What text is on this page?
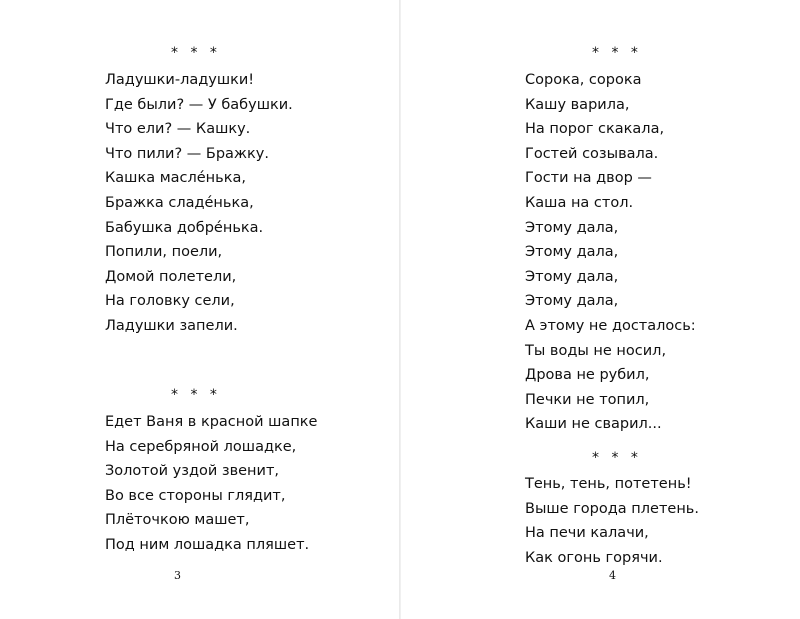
* * *
Ладушки-ладушки!
Где были? — У бабушки.
Что ели? — Кашку.
Что пили? — Бражку.
Кашка маслéнька,
Бражка сладéнька,
Бабушка добрéнька.
Попили, поели,
Домой полетели,
На головку сели,
Ладушки запели.
* * *
Едет Ваня в красной шапке
На серебряной лошадке,
Золотой уздой звенит,
Во все стороны глядит,
Плёточкою машет,
Под ним лошадка пляшет.
3
* * *
Сорока, сорока
Кашу варила,
На порог скакала,
Гостей созывала.
Гости на двор —
Каша на стол.
Этому дала,
Этому дала,
Этому дала,
Этому дала,
А этому не досталось:
Ты воды не носил,
Дрова не рубил,
Печки не топил,
Каши не сварил...
* * *
Тень, тень, потетень!
Выше города плетень.
На печи калачи,
Как огонь горячи.
4
